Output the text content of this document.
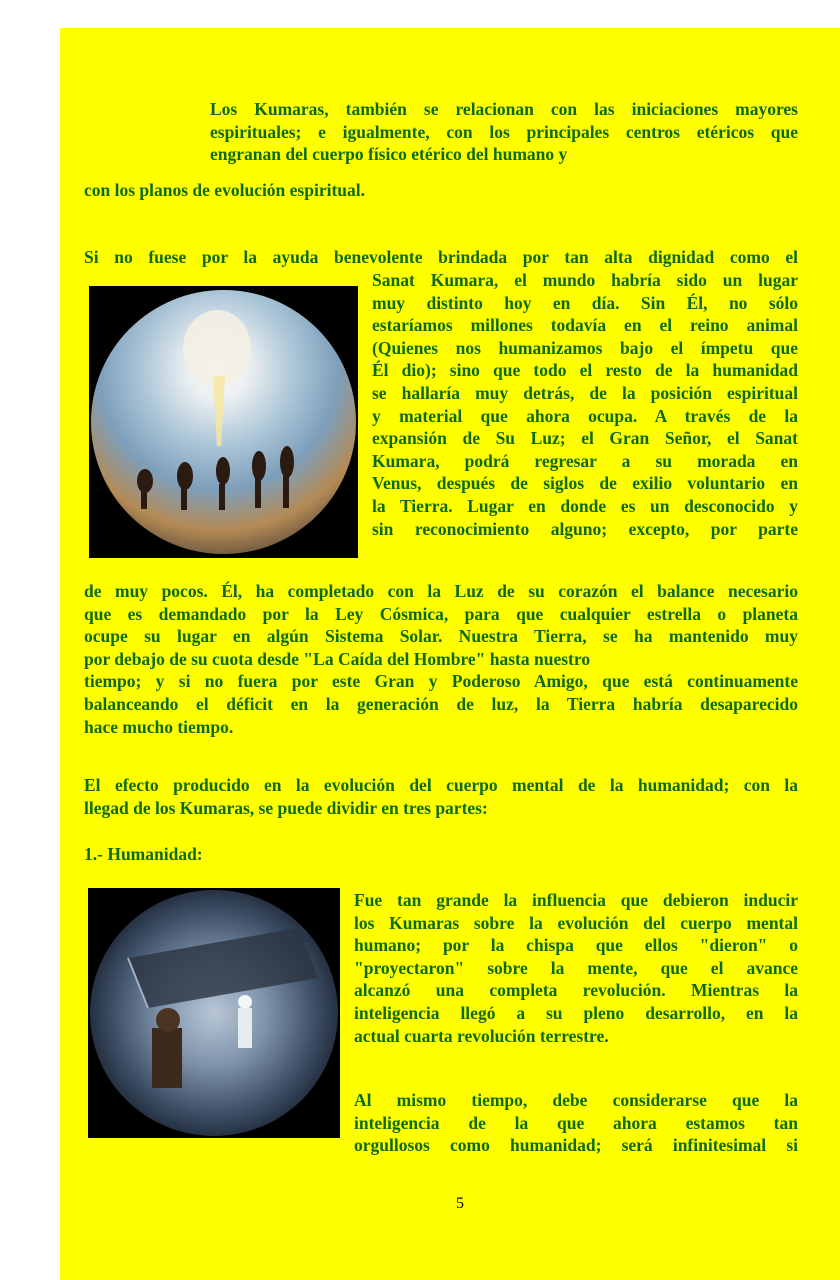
Los Kumaras, también se relacionan con las iniciaciones mayores
espirituales; e igualmente, con los principales centros etéricos que
engranan del cuerpo físico etérico del humano y
con los planos de evolución espiritual.
Si no fuese por la ayuda benevolente brindada por tan alta dignidad como el
Sanat Kumara, el mundo habría sido un lugar
muy distinto hoy en día. Sin Él, no sólo
estaríamos millones todavía en el reino animal
(Quienes nos humanizamos bajo el ímpetu que
Él dio); sino que todo el resto de la humanidad
se hallaría muy detrás, de la posición espiritual
y material que ahora ocupa. A través de la
expansión de Su Luz; el Gran Señor, el Sanat
Kumara, podrá regresar a su morada en
Venus, después de siglos de exilio voluntario en
la Tierra. Lugar en donde es un desconocido y
sin reconocimiento alguno; excepto, por parte
de muy pocos. Él, ha completado con la Luz de su corazón el balance necesario
que es demandado por la Ley Cósmica, para que cualquier estrella o planeta
ocupe su lugar en algún Sistema Solar. Nuestra Tierra, se ha mantenido muy
por debajo de su cuota desde "La Caída del Hombre" hasta nuestro
tiempo; y si no fuera por este Gran y Poderoso Amigo, que está continuamente
balanceando el déficit en la generación de luz, la Tierra habría desaparecido
hace mucho tiempo.
El efecto producido en la evolución del cuerpo mental de la humanidad; con la
llegad de los Kumaras, se puede dividir en tres partes:
1.- Humanidad:
Fue tan grande la influencia que debieron inducir
los Kumaras sobre la evolución del cuerpo mental
humano; por la chispa que ellos "dieron" o
"proyectaron" sobre la mente, que el avance
alcanzó una completa revolución. Mientras la
inteligencia llegó a su pleno desarrollo, en la
actual cuarta revolución terrestre.
Al mismo tiempo, debe considerarse que la
inteligencia de la que ahora estamos tan
orgullosos como humanidad; será infinitesimal si
5
